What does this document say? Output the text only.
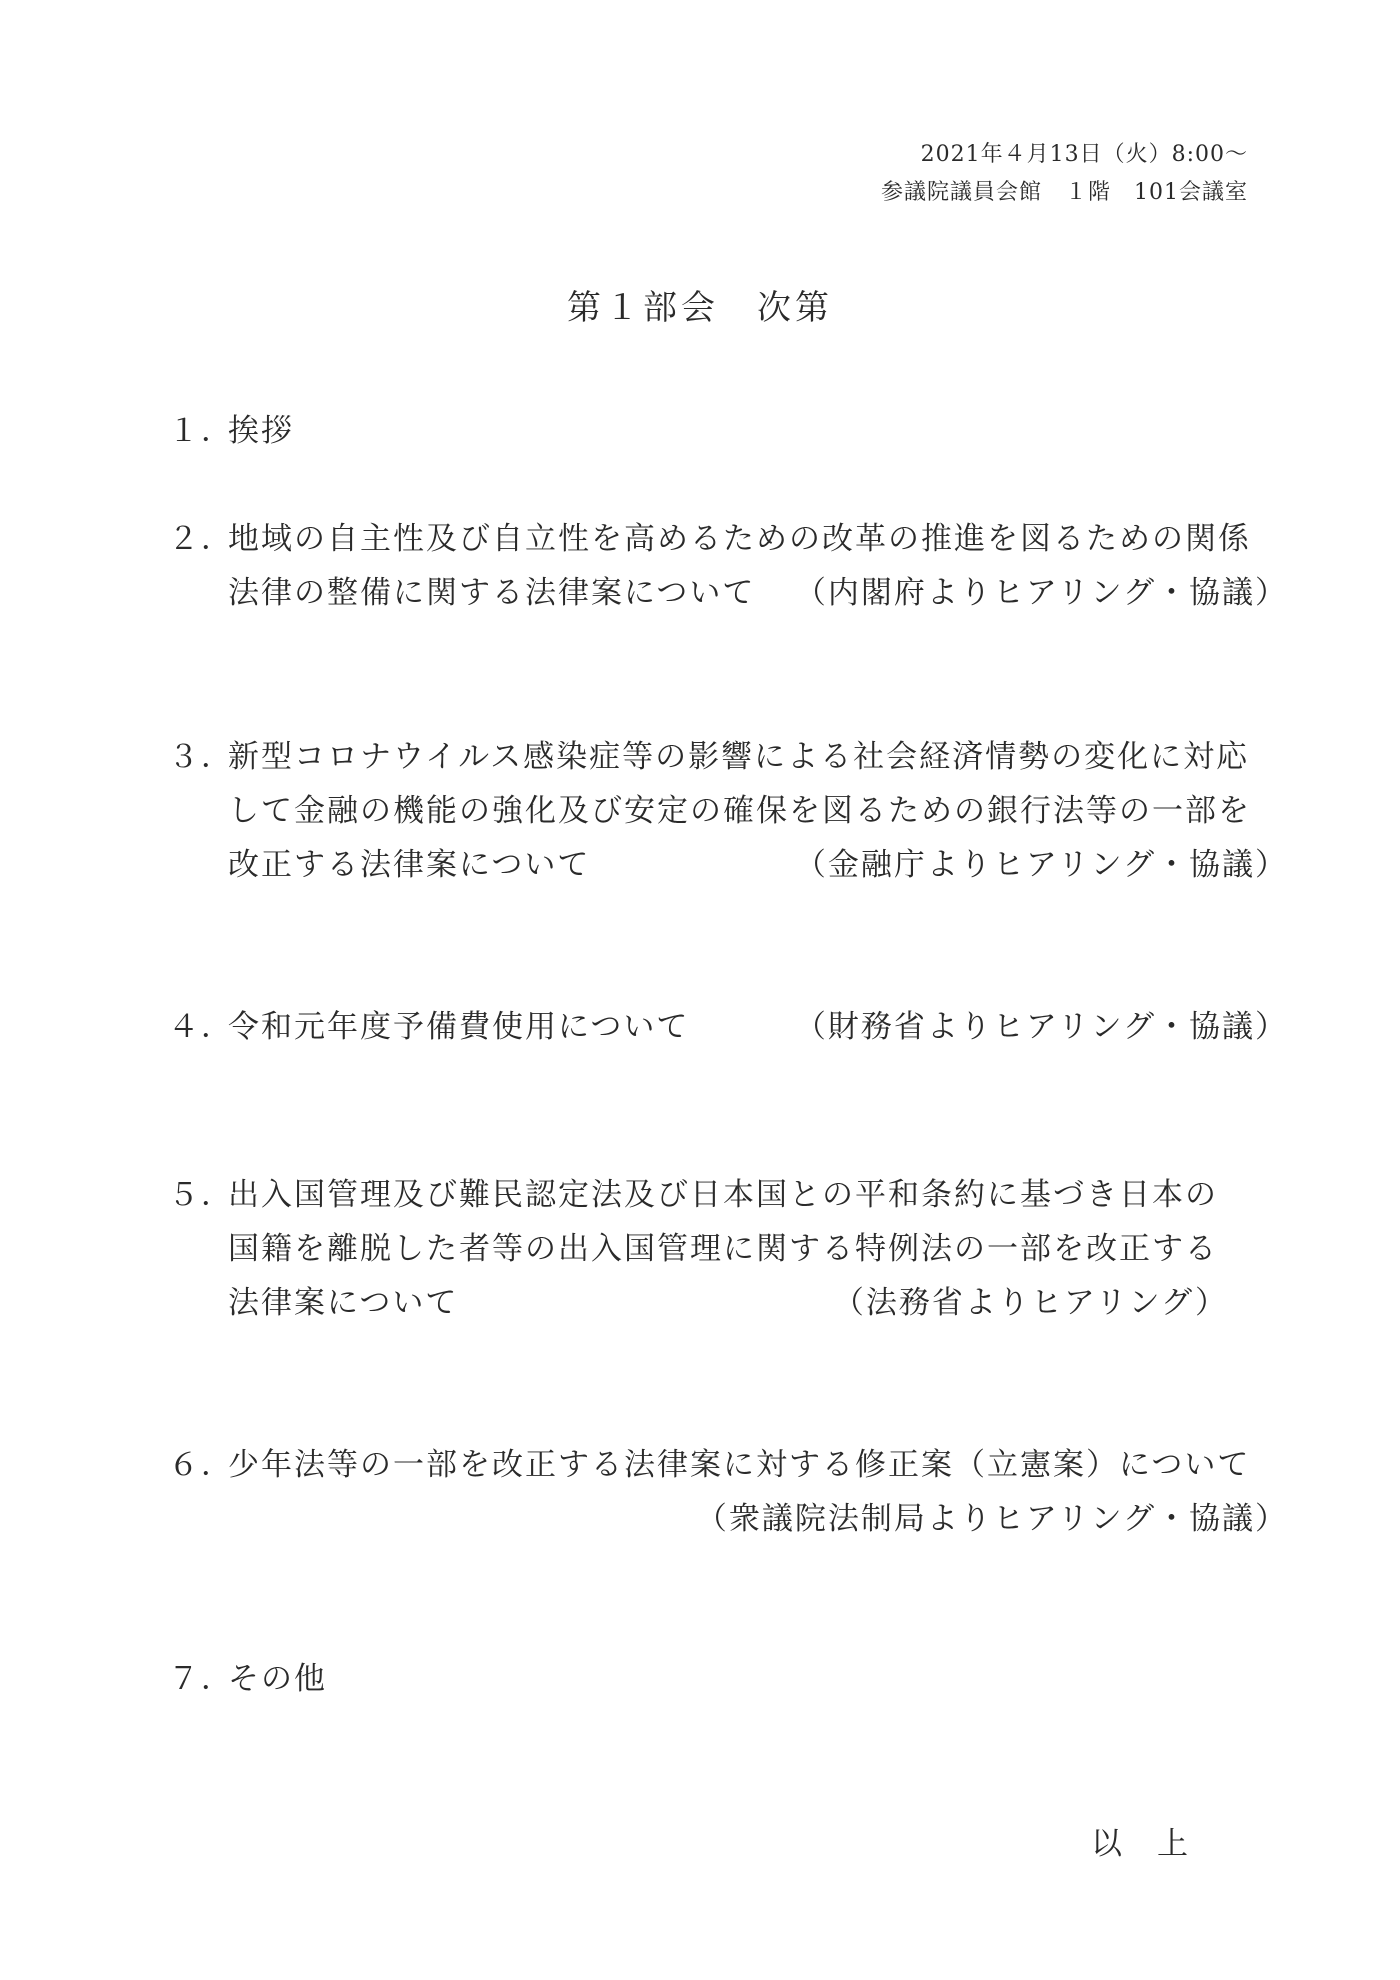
2021年４月13日（火）8:00～
参議院議員会館　１階　101会議室
第１部会　次第
１．
挨拶
２．
地域の自主性及び自立性を高めるための改革の推進を図るための関係
法律の整備に関する法律案について （内閣府よりヒアリング・協議）
３．
新型コロナウイルス感染症等の影響による社会経済情勢の変化に対応
して金融の機能の強化及び安定の確保を図るための銀行法等の一部を
改正する法律案について	（金融庁よりヒアリング・協議）
４．
令和元年度予備費使用について	（財務省よりヒアリング・協議）
５．
出入国管理及び難民認定法及び日本国との平和条約に基づき日本の
国籍を離脱した者等の出入国管理に関する特例法の一部を改正する
法律案について	（法務省よりヒアリング）
６．
少年法等の一部を改正する法律案に対する修正案（立憲案）について
（衆議院法制局よりヒアリング・協議）
７．
その他
以　上
